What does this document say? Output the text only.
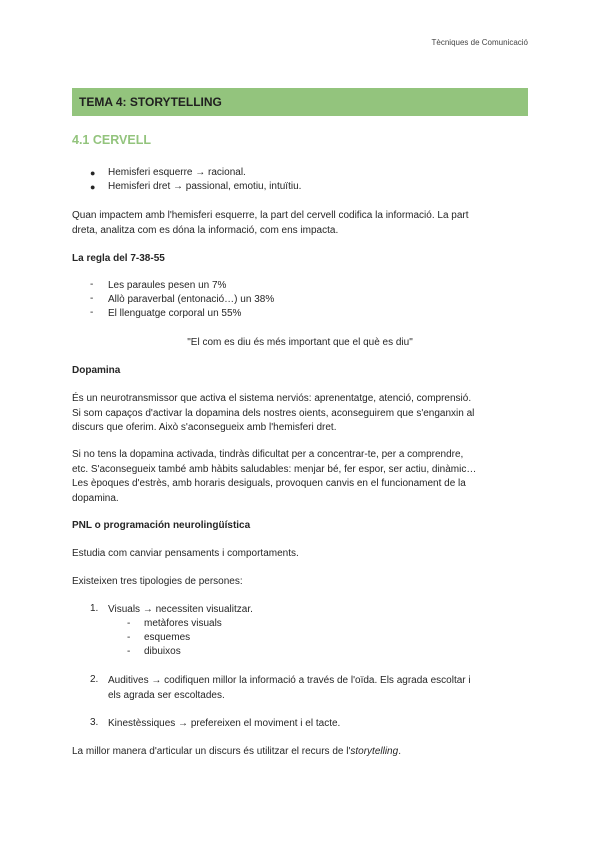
Tècniques de Comunicació
TEMA 4: STORYTELLING
4.1 CERVELL
● Hemisferi esquerre → racional.
● Hemisferi dret → passional, emotiu, intuïtiu.

Quan impactem amb l'hemisferi esquerre, la part del cervell codifica la informació. La part

dreta, analitza com es dóna la informació, com ens impacta.

La regla del 7-38-55

- Les paraules pesen un 7%
- Allò paraverbal (entonació…) un 38%
- El llenguatge corporal un 55%
"El com es diu és més important que el què es diu"

Dopamina

És un neurotransmissor que activa el sistema nerviós: aprenentatge, atenció, comprensió.

Si som capaços d'activar la dopamina dels nostres oients, aconseguirem que s'enganxin al

discurs que oferim. Això s'aconsegueix amb l'hemisferi dret.

Si no tens la dopamina activada, tindràs dificultat per a concentrar-te, per a comprendre,

etc. S'aconsegueix també amb hàbits saludables: menjar bé, fer espor, ser actiu, dinàmic…

Les èpoques d'estrès, amb horaris desiguals, provoquen canvis en el funcionament de la

dopamina.

PNL o programación neurolingüística

Estudia com canviar pensaments i comportaments.

Existeixen tres tipologies de persones:

1. Visuals → necessiten visualitzar.
- metàfores visuals
- esquemes
- dibuixos
2. Auditives → codifiquen millor la informació a través de l'oïda. Els agrada escoltar i
els agrada ser escoltades.
3. Kinestèssiques → prefereixen el moviment i el tacte.

La millor manera d'articular un discurs és utilitzar el recurs de l'storytelling.
